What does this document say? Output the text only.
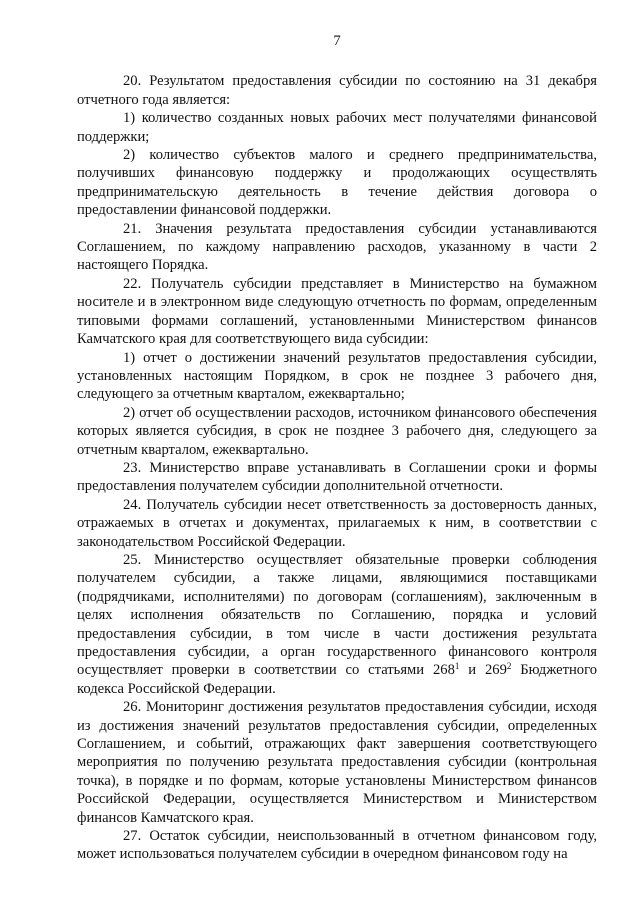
7

20. Результатом предоставления субсидии по состоянию на 31 декабря отчетного года является:

1) количество созданных новых рабочих мест получателями финансовой поддержки;

2) количество субъектов малого и среднего предпринимательства, получивших финансовую поддержку и продолжающих осуществлять предпринимательскую деятельность в течение действия договора о предоставлении финансовой поддержки.

21. Значения результата предоставления субсидии устанавливаются Соглашением, по каждому направлению расходов, указанному в части 2 настоящего Порядка.

22. Получатель субсидии представляет в Министерство на бумажном носителе и в электронном виде следующую отчетность по формам, определенным типовыми формами соглашений, установленными Министерством финансов Камчатского края для соответствующего вида субсидии:

1) отчет о достижении значений результатов предоставления субсидии, установленных настоящим Порядком, в срок не позднее 3 рабочего дня, следующего за отчетным кварталом, ежеквартально;

2) отчет об осуществлении расходов, источником финансового обеспечения которых является субсидия, в срок не позднее 3 рабочего дня, следующего за отчетным кварталом, ежеквартально.

23. Министерство вправе устанавливать в Соглашении сроки и формы предоставления получателем субсидии дополнительной отчетности.

24. Получатель субсидии несет ответственность за достоверность данных, отражаемых в отчетах и документах, прилагаемых к ним, в соответствии с законодательством Российской Федерации.

25. Министерство осуществляет обязательные проверки соблюдения получателем субсидии, а также лицами, являющимися поставщиками (подрядчиками, исполнителями) по договорам (соглашениям), заключенным в целях исполнения обязательств по Соглашению, порядка и условий предоставления субсидии, в том числе в части достижения результата предоставления субсидии, а орган государственного финансового контроля осуществляет проверки в соответствии со статьями $268^1$ и $269^2$ Бюджетного кодекса Российской Федерации.

26. Мониторинг достижения результатов предоставления субсидии, исходя из достижения значений результатов предоставления субсидии, определенных Соглашением, и событий, отражающих факт завершения соответствующего мероприятия по получению результата предоставления субсидии (контрольная точка), в порядке и по формам, которые установлены Министерством финансов Российской Федерации, осуществляется Министерством и Министерством финансов Камчатского края.

27. Остаток субсидии, неиспользованный в отчетном финансовом году, может использоваться получателем субсидии в очередном финансовом году на
